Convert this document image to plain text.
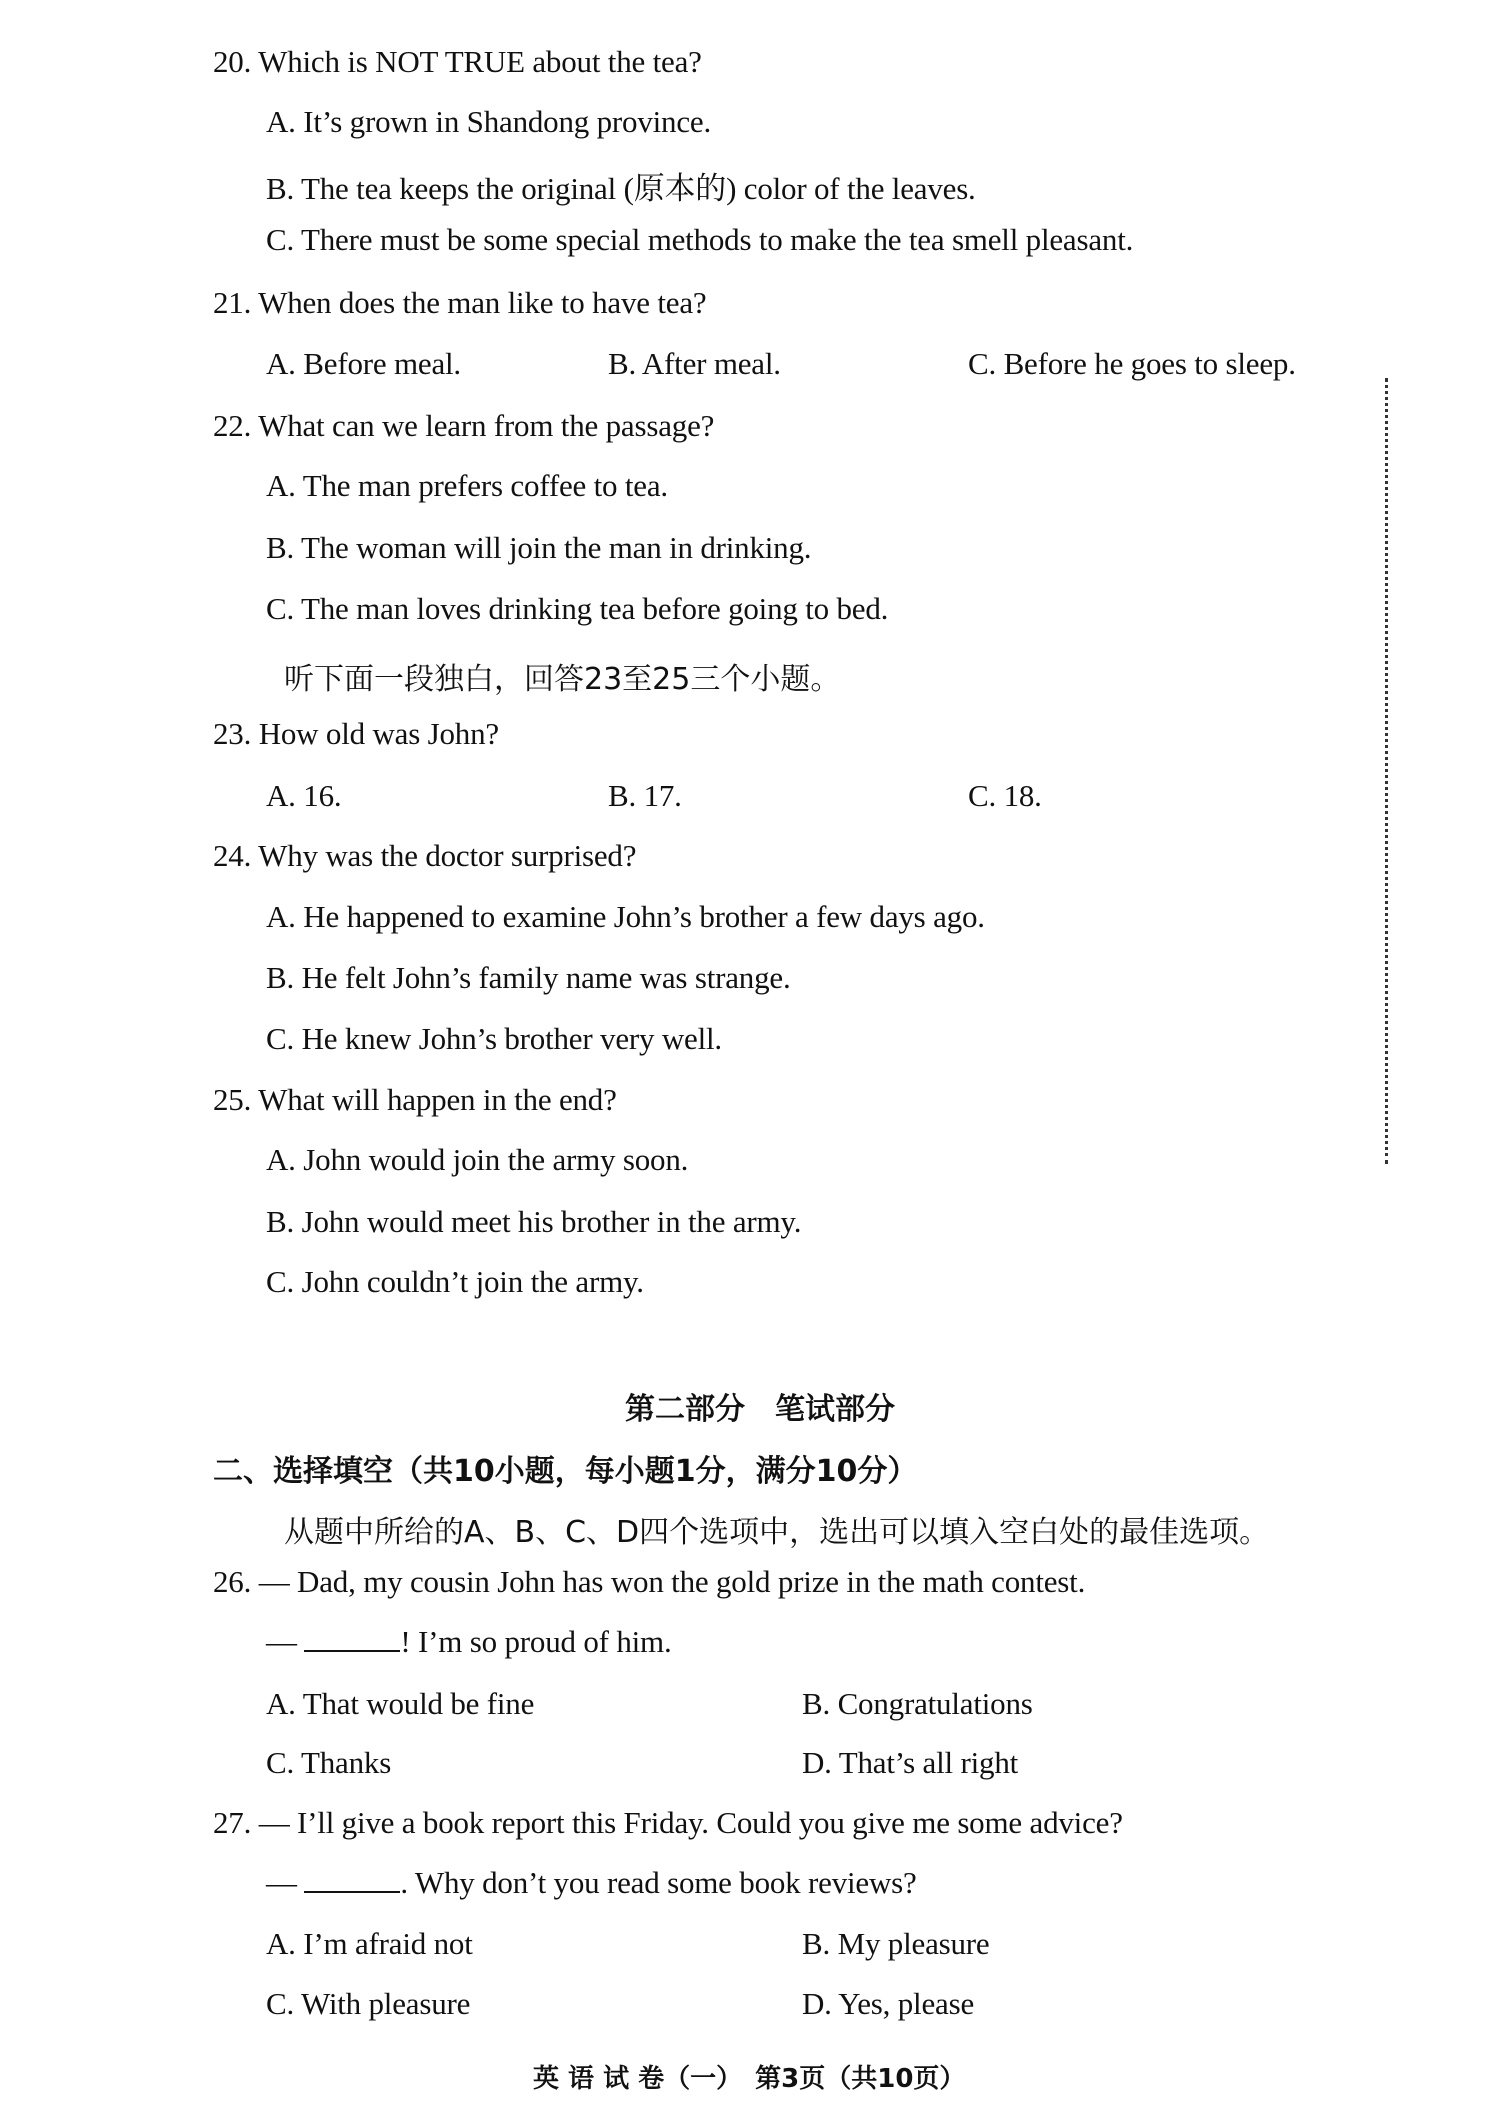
20. Which is NOT TRUE about the tea?
A. It’s grown in Shandong province.
B. The tea keeps the original (原本的) color of the leaves.
C. There must be some special methods to make the tea smell pleasant.
21. When does the man like to have tea?
A. Before meal.	B. After meal.	C. Before he goes to sleep.
22. What can we learn from the passage?
A. The man prefers coffee to tea.
B. The woman will join the man in drinking.
C. The man loves drinking tea before going to bed.
听下面一段独白，回答23至25三个小题。
23. How old was John?
A. 16.	B. 17.	C. 18.
24. Why was the doctor surprised?
A. He happened to examine John’s brother a few days ago.
B. He felt John’s family name was strange.
C. He knew John’s brother very well.
25. What will happen in the end?
A. John would join the army soon.
B. John would meet his brother in the army.
C. John couldn’t join the army.
第二部分　笔试部分
二、选择填空（共10小题，每小题1分，满分10分）
从题中所给的A、B、C、D四个选项中，选出可以填入空白处的最佳选项。
26. — Dad, my cousin John has won the gold prize in the math contest.
—	! I’m so proud of him.
A. That would be fine	B. Congratulations
C. Thanks	D. That’s all right
27. — I’ll give a book report this Friday. Could you give me some advice?
—	. Why don’t you read some book reviews?
A. I’m afraid not	B. My pleasure
C. With pleasure	D. Yes, please
英 语 试 卷（一）　第3页（共10页）
